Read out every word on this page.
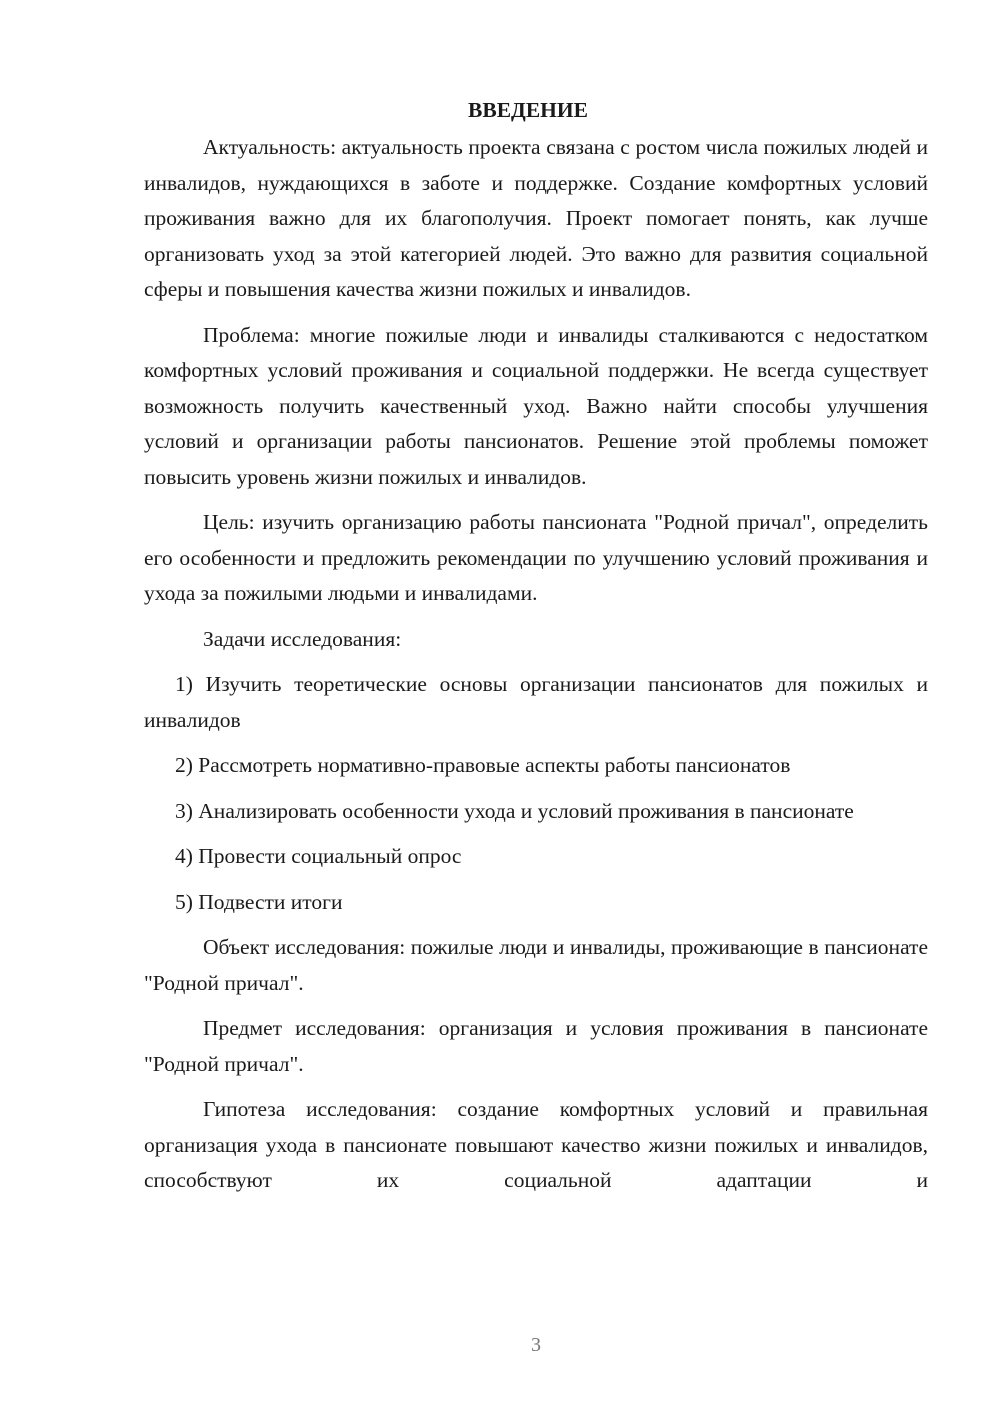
ВВЕДЕНИЕ

Актуальность: актуальность проекта связана с ростом числа пожилых людей и инвалидов, нуждающихся в заботе и поддержке. Создание комфортных условий проживания важно для их благополучия. Проект помогает понять, как лучше организовать уход за этой категорией людей. Это важно для развития социальной сферы и повышения качества жизни пожилых и инвалидов.

Проблема: многие пожилые люди и инвалиды сталкиваются с недостатком комфортных условий проживания и социальной поддержки. Не всегда существует возможность получить качественный уход. Важно найти способы улучшения условий и организации работы пансионатов. Решение этой проблемы поможет повысить уровень жизни пожилых и инвалидов.

Цель: изучить организацию работы пансионата "Родной причал", определить его особенности и предложить рекомендации по улучшению условий проживания и ухода за пожилыми людьми и инвалидами.

Задачи исследования:

1) Изучить теоретические основы организации пансионатов для пожилых и инвалидов

2) Рассмотреть нормативно-правовые аспекты работы пансионатов

3) Анализировать особенности ухода и условий проживания в пансионате

4) Провести социальный опрос

5) Подвести итоги

Объект исследования: пожилые люди и инвалиды, проживающие в пансионате "Родной причал".

Предмет исследования: организация и условия проживания в пансионате "Родной причал".

Гипотеза исследования: создание комфортных условий и правильная организация ухода в пансионате повышают качество жизни пожилых и инвалидов, способствуют их социальной адаптации и

3
